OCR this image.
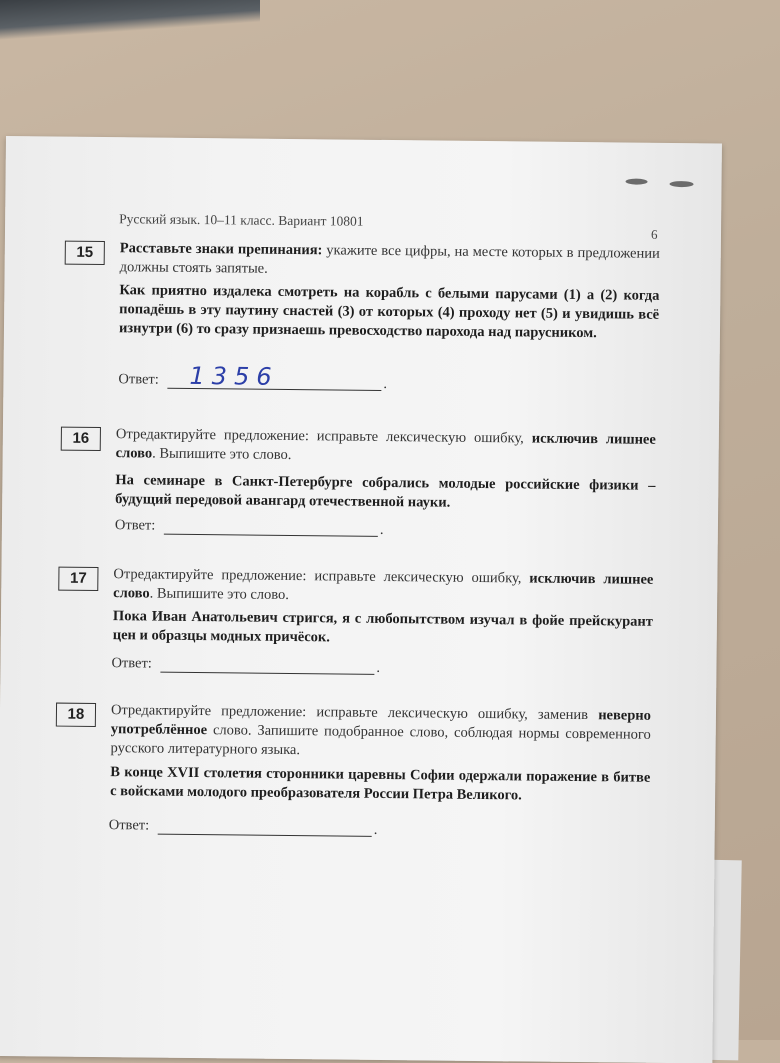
Русский язык. 10–11 класс. Вариант 10801
6
15	Расставьте знаки препинания: укажите все цифры, на месте которых в предложении должны стоять запятые.
Как приятно издалека смотреть на корабль с белыми парусами (1) а (2) когда попадёшь в эту паутину снастей (3) от которых (4) проходу нет (5) и увидишь всё изнутри (6) то сразу признаешь превосходство парохода над парусником.
Ответ: 1356	.
16	Отредактируйте предложение: исправьте лексическую ошибку, исключив лишнее слово. Выпишите это слово.
На семинаре в Санкт-Петербурге собрались молодые российские физики – будущий передовой авангард отечественной науки.
Ответ:	.
17	Отредактируйте предложение: исправьте лексическую ошибку, исключив лишнее слово. Выпишите это слово.
Пока Иван Анатольевич стригся, я с любопытством изучал в фойе прейскурант цен и образцы модных причёсок.
Ответ:	.
18	Отредактируйте предложение: исправьте лексическую ошибку, заменив неверно употреблённое слово. Запишите подобранное слово, соблюдая нормы современного русского литературного языка.
В конце XVII столетия сторонники царевны Софии одержали поражение в битве с войсками молодого преобразователя России Петра Великого.
Ответ:	.
